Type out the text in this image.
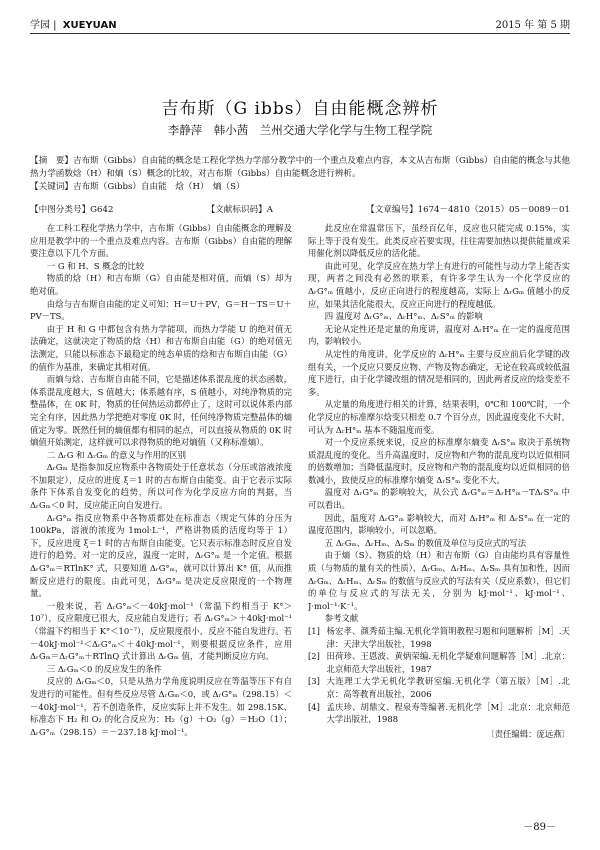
学园 | XUEYUAN	2015 年 第 5 期
吉布斯（G ibbs）自由能概念辨析
李静萍　韩小茜　兰州交通大学化学与生物工程学院

【摘　要】吉布斯（Gibbs）自由能的概念是工程化学热力学部分教学中的一个重点及难点内容，本文从吉布斯（Gibbs）自由能的概念与其他热力学函数焓（H）和熵（S）概念的比较，对吉布斯（Gibbs）自由能概念进行辨析。

【关键词】吉布斯（Gibbs）自由能　焓（H）　熵（S）

【中图分类号】G642	【文献标识码】A	【文章编号】1674－4810（2015）05－0089－01

在工科工程化学热力学中，吉布斯（Gibbs）自由能概念的理解及应用是教学中的一个重点及难点内容。吉布斯（Gibbs）自由能的理解要注意以下几个方面。

一 G 和 H、S 概念的比较

物质的焓（H）和吉布斯（G）自由能是相对值，而熵（S）却为绝对值。

由焓与吉布斯自由能的定义可知：H＝U＋PV，G＝H－TS＝U＋PV－TS。

由于 H 和 G 中都包含有热力学能项，而热力学能 U 的绝对值无法确定，这就决定了物质的焓（H）和吉布斯自由能（G）的绝对值无法测定，只能以标准态下最稳定的纯态单质的焓和吉布斯自由能（G）的值作为基准，来确定其相对值。

而熵与焓、吉布斯自由能不同，它是描述体系混乱度的状态函数，体系混乱度越大，S 值越大；体系越有序，S 值越小，对纯净物质的完整晶体，在 0K 时，物质的任何热运动都停止了，这时可以说体系内部完全有序，因此热力学把绝对零度 0K 时，任何纯净物质完整晶体的熵值定为零。既然任何的熵值都有相同的起点，可以直接从物质的 0K 时熵值开始测定，这样就可以求得物质的绝对熵值（又称标准熵）。

二 ΔᵣG 和 ΔᵣGₘ 的意义与作用的区别

ΔᵣGₘ 是指参加反应物系中各物质处于任意状态（分压或溶液浓度不加限定），反应的进度 ξ＝1 时的吉布斯自由能变。由于它表示实际条件下体系自发变化的趋势，所以可作为化学反应方向的判据，当 ΔᵣGₘ＜0 时，反应能正向自发进行。

ΔᵣG°ₘ 指反应物系中各物质都处在标准态（规定气体的分压为 100kPa，溶液的浓度为 1mol·L⁻¹，严格讲物质的活度均等于 1）下，反应进度 ξ＝1 时的吉布斯自由能变。它只表示标准态时反应自发进行的趋势。对一定的反应，温度一定时，ΔᵣG°ₘ 是一个定值。根据 ΔᵣG°ₘ＝RTlnK° 式，只要知道 ΔᵣG°ₘ，就可以计算出 K° 值，从而推断反应进行的限度。由此可见，ΔᵣG°ₘ 是决定反应限度的一个物理量。

一般来说，若 ΔᵣG°ₘ＜－40kJ·mol⁻¹（常温下约相当于 K°＞10⁷），反应限度已很大，反应能自发进行；若 ΔᵣG°ₘ＞＋40kJ·mol⁻¹（常温下约相当于 K°＜10⁻⁷），反应限度很小，反应不能自发进行。若－40kJ·mol⁻¹＜ΔᵣG°ₘ＜＋40kJ·mol⁻¹，则要根据反应条件，应用 ΔᵣGₘ＝ΔᵣG°ₘ＋RTlnQ 式计算出 ΔᵣGₘ 值，才能判断反应方向。

三 ΔᵣGₘ＜0 的反应发生的条件

反应的 ΔᵣGₘ＜0，只是从热力学角度说明反应在等温等压下有自发进行的可能性。但有些反应尽管 ΔᵣGₘ＜0，或 ΔᵣG°ₘ（298.15）＜－40kJ·mol⁻¹，若不创造条件，反应实际上并不发生。如 298.15K、标准态下 H₂ 和 O₂ 的化合反应为：H₂（g）＋O₂（g）＝H₂O（1）；ΔᵣG°ₘ（298.15）＝－237.18 kJ·mol⁻¹。

此反应在常温常压下，虽经百亿年，反应也只能完成 0.15%，实际上等于没有发生。此类反应若要实现，往往需要加热以提供能量或采用催化剂以降低反应的活化能。

由此可见，化学反应在热力学上有进行的可能性与动力学上能否实现，两者之间没有必然的联系，有许多学生认为一个化学反应的 ΔᵣG°ₘ 值越小，反应正向进行的程度越高，实际上 ΔᵣGₘ 值越小的反应，如果其活化能很大，反应正向进行的程度越低。

四 温度对 ΔᵣG°ₘ、ΔᵣH°ₘ、ΔᵣS°ₘ 的影响

无论从定性还是定量的角度讲，温度对 ΔᵣH°ₘ 在一定的温度范围内，影响较小。

从定性的角度讲，化学反应的 ΔᵣH°ₘ 主要与反应前后化学键的改组有关，一个反应只要反应物、产物及物态确定，无论在较高或较低温度下进行，由于化学键改组的情况是相同的，因此两者反应的焓变差不多。

从定量的角度进行相关的计算，结果表明，0℃和 100℃时，一个化学反应的标准摩尔焓变只相差 0.7 个百分点，因此温度变化不大时，可认为 ΔᵣH°ₘ 基本不随温度而变。

对一个反应系统来说，反应的标准摩尔熵变 ΔᵣS°ₘ 取决于系统物质混乱度的变化。当升高温度时，反应物和产物的混乱度均以近似相同的倍数增加；当降低温度时，反应物和产物的混乱度均以近似相同的倍数减小，致使反应的标准摩尔熵变 ΔᵣS°ₘ 变化不大。

温度对 ΔᵣG°ₘ 的影响较大，从公式 ΔᵣG°ₘ＝ΔᵣH°ₘ－TΔᵣS°ₘ 中可以看出。

因此，温度对 ΔᵣG°ₘ 影响较大，而对 ΔᵣH°ₘ 和 ΔᵣS°ₘ 在一定的温度范围内，影响较小，可以忽略。

五 ΔᵣGₘ、ΔᵣHₘ、ΔᵣSₘ 的数值及单位与反应式的写法

由于熵（S）、物质的焓（H）和吉布斯（G）自由能均具有容量性质（与物质的量有关的性质），ΔᵣGₘ、ΔᵣHₘ、ΔᵣSₘ 具有加和性，因而 ΔᵣGₘ、ΔᵣHₘ、ΔᵣSₘ 的数值与反应式的写法有关（反应系数），但它们的单位与反应式的写法无关，分别为 kJ·mol⁻¹、kJ·mol⁻¹、J·mol⁻¹·K⁻¹。

参考文献

[1] 杨宏孝、颜秀茹主编.无机化学简明教程习题和问题解析［M］.天津：天津大学出版社，1998

[2] 田荷珍、王恩波、黄炳荣编.无机化学疑难问题解答［M］.北京：北京师范大学出版社，1987

[3] 大连理工大学无机化学教研室编.无机化学（第五版）［M］.北京：高等教育出版社，2006

[4] 孟庆珍、胡鼎文、程泉寿等编著.无机化学［M］.北京：北京师范大学出版社，1988

〔责任编辑：庞远燕〕

－89－
